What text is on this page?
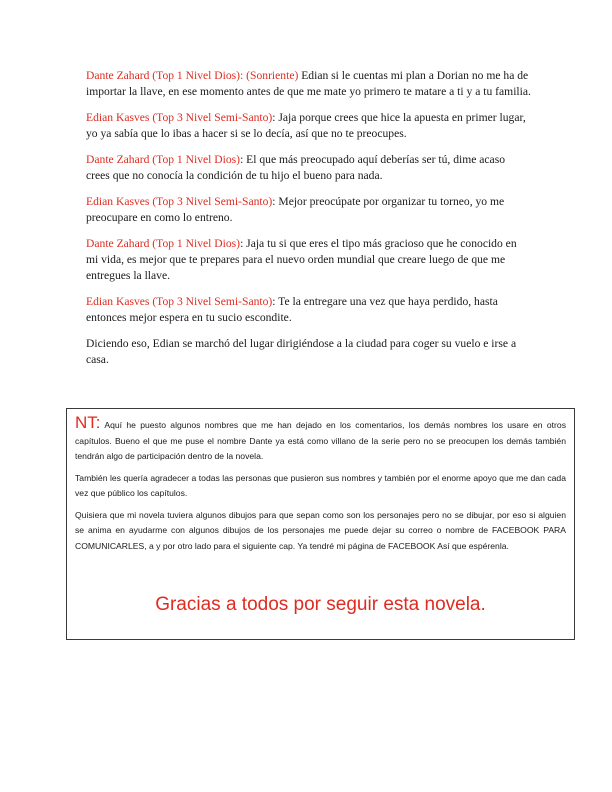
Dante Zahard (Top 1 Nivel Dios): (Sonriente) Edian si le cuentas mi plan a Dorian no me ha de importar la llave, en ese momento antes de que me mate yo primero te matare a ti y a tu familia.

Edian Kasves (Top 3 Nivel Semi-Santo): Jaja porque crees que hice la apuesta en primer lugar, yo ya sabía que lo ibas a hacer si se lo decía, así que no te preocupes.

Dante Zahard (Top 1 Nivel Dios): El que más preocupado aquí deberías ser tú, dime acaso crees que no conocía la condición de tu hijo el bueno para nada.

Edian Kasves (Top 3 Nivel Semi-Santo): Mejor preocúpate por organizar tu torneo, yo me preocupare en como lo entreno.

Dante Zahard (Top 1 Nivel Dios): Jaja tu si que eres el tipo más gracioso que he conocido en mi vida, es mejor que te prepares para el nuevo orden mundial que creare luego de que me entregues la llave.

Edian Kasves (Top 3 Nivel Semi-Santo): Te la entregare una vez que haya perdido, hasta entonces mejor espera en tu sucio escondite.

Diciendo eso, Edian se marchó del lugar dirigiéndose a la ciudad para coger su vuelo e irse a casa.

NT: Aquí he puesto algunos nombres que me han dejado en los comentarios, los demás nombres los usare en otros capítulos. Bueno el que me puse el nombre Dante ya está como villano de la serie pero no se preocupen los demás también tendrán algo de participación dentro de la novela.

También les quería agradecer a todas las personas que pusieron sus nombres y también por el enorme apoyo que me dan cada vez que público los capítulos.

Quisiera que mi novela tuviera algunos dibujos para que sepan como son los personajes pero no se dibujar, por eso si alguien se anima en ayudarme con algunos dibujos de los personajes me puede dejar su correo o nombre de FACEBOOK PARA COMUNICARLES, a y por otro lado para el siguiente cap. Ya tendré mi página de FACEBOOK Así que espérenla.

Gracias a todos por seguir esta novela.
